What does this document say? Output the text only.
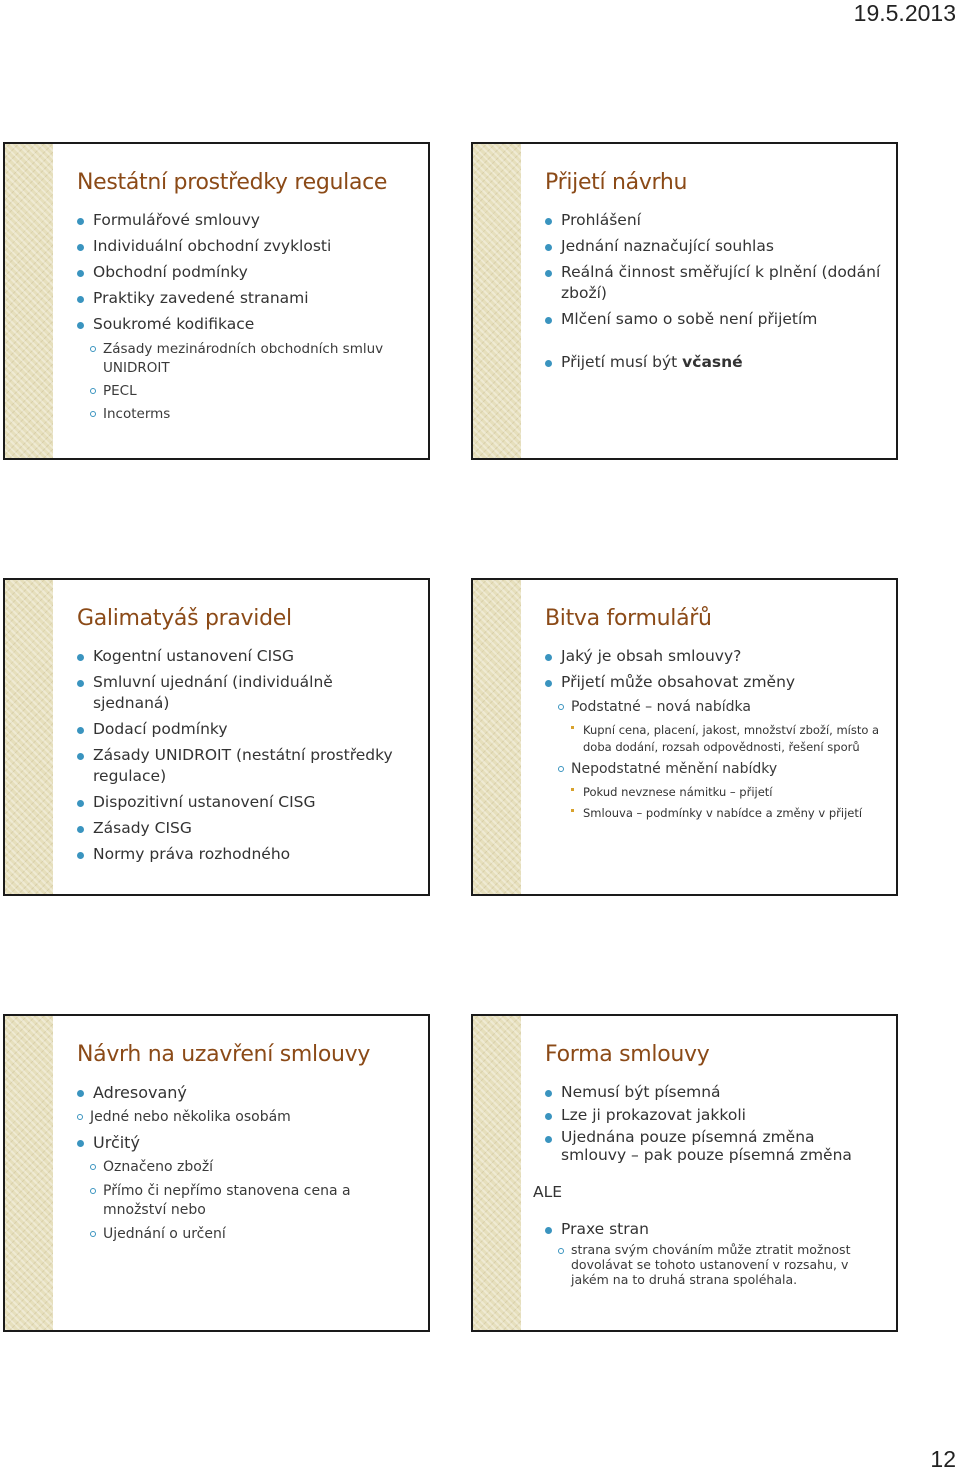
19.5.2013
Nestátní prostředky regulace
Formulářové smlouvy
Individuální obchodní zvyklosti
Obchodní podmínky
Praktiky zavedené stranami
Soukromé kodifikace
Zásady mezinárodních obchodních smluv UNIDROIT
PECL
Incoterms
Přijetí návrhu
Prohlášení
Jednání naznačující souhlas
Reálná činnost směřující k plnění (dodání zboží)
Mlčení samo o sobě není přijetím
Přijetí musí být včasné
Galimatyáš pravidel
Kogentní ustanovení CISG
Smluvní ujednání (individuálně sjednaná)
Dodací podmínky
Zásady UNIDROIT (nestátní prostředky regulace)
Dispozitivní ustanovení CISG
Zásady CISG
Normy práva rozhodného
Bitva formulářů
Jaký je obsah smlouvy?
Přijetí může obsahovat změny
Podstatné – nová nabídka
Kupní cena, placení, jakost, množství zboží, místo a doba dodání, rozsah odpovědnosti, řešení sporů
Nepodstatné měnění nabídky
Pokud nevznese námitku – přijetí
Smlouva – podmínky v nabídce a změny v přijetí
Návrh na uzavření smlouvy
Adresovaný
Jedné nebo několika osobám
Určitý
Označeno zboží
Přímo či nepřímo stanovena cena a množství nebo
Ujednání o určení
Forma smlouvy
Nemusí být písemná
Lze ji prokazovat jakkoli
Ujednána pouze písemná změna smlouvy – pak pouze písemná změna
ALE
Praxe stran
strana svým chováním může ztratit možnost dovolávat se tohoto ustanovení v rozsahu, v jakém na to druhá strana spoléhala.
12
